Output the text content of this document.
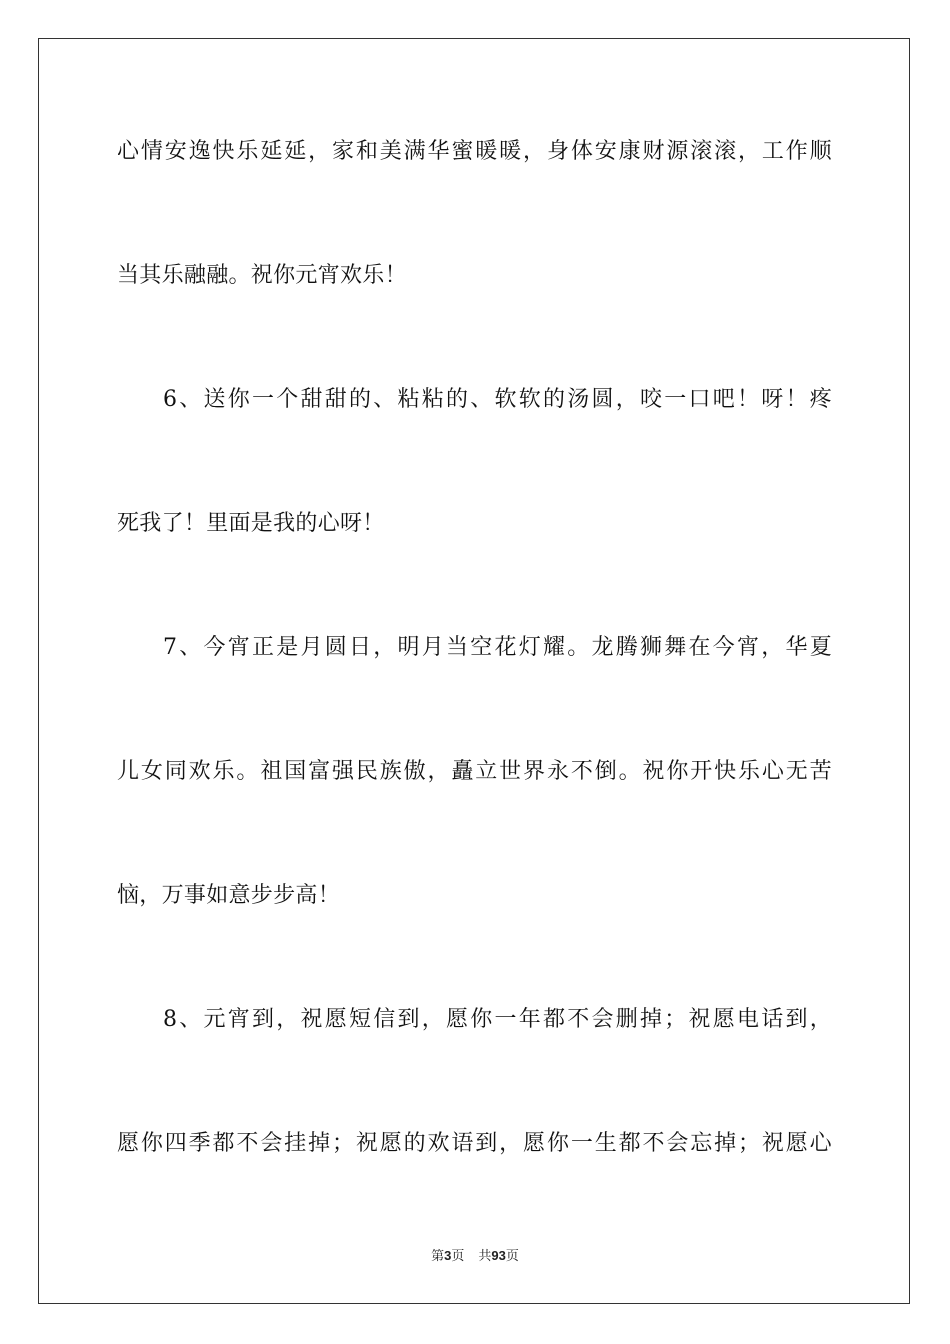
心情安逸快乐延延，家和美满华蜜暖暖，身体安康财源滚滚，工作顺
当其乐融融。祝你元宵欢乐！
6、送你一个甜甜的、粘粘的、软软的汤圆，咬一口吧！呀！疼
死我了！里面是我的心呀！
7、今宵正是月圆日，明月当空花灯耀。龙腾狮舞在今宵，华夏
儿女同欢乐。祖国富强民族傲，矗立世界永不倒。祝你开快乐心无苦
恼，万事如意步步高！
8、元宵到，祝愿短信到，愿你一年都不会删掉；祝愿电话到，
愿你四季都不会挂掉；祝愿的欢语到，愿你一生都不会忘掉；祝愿心
第3页 共93页
